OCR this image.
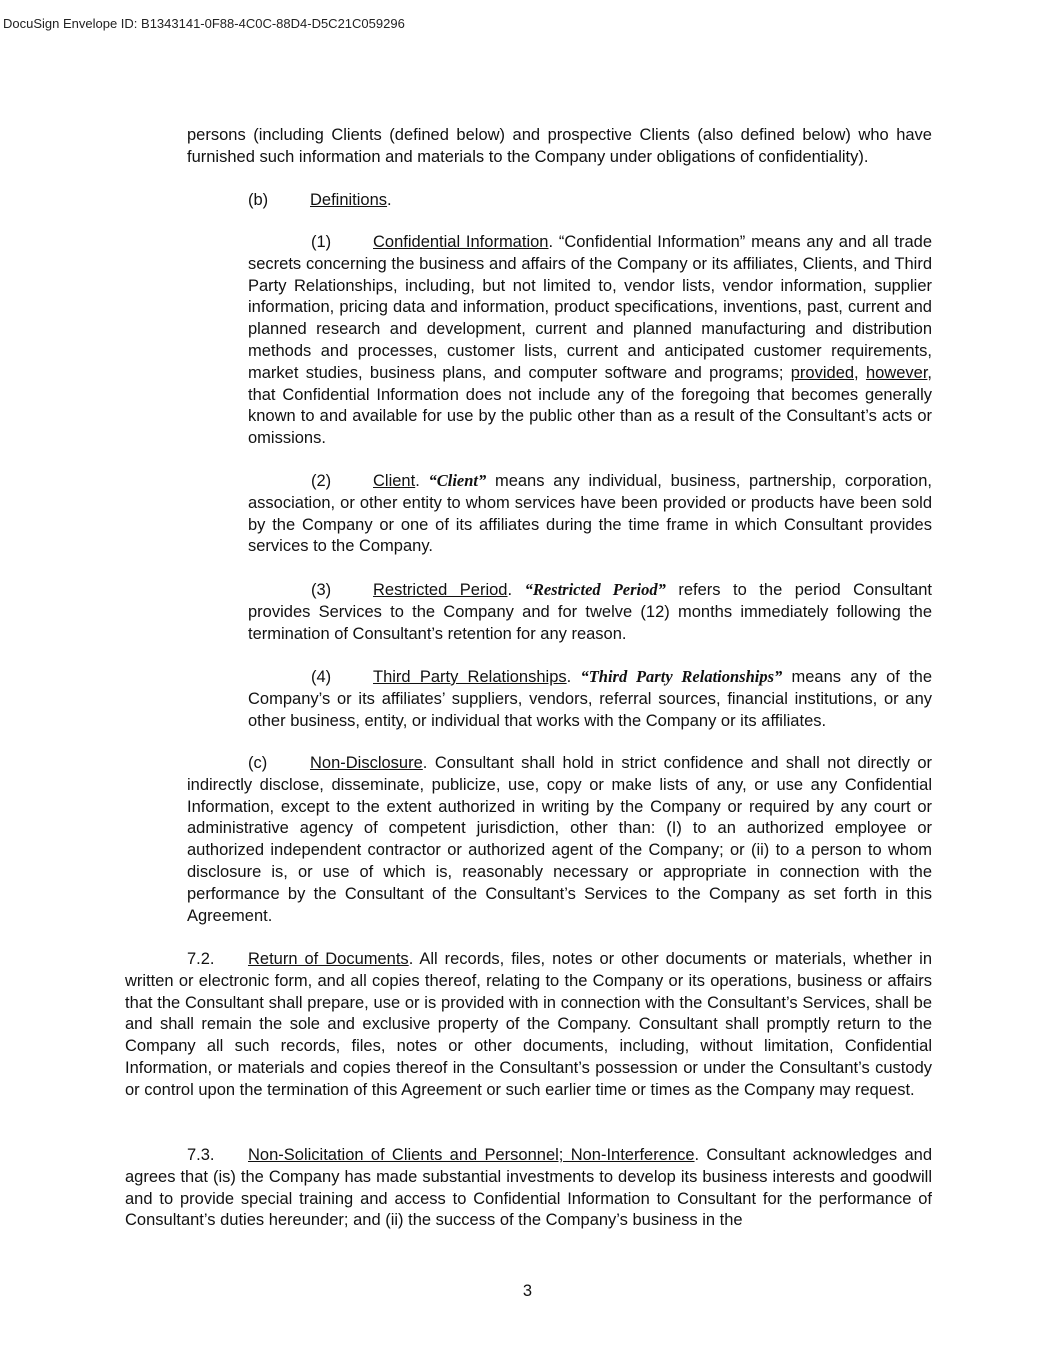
DocuSign Envelope ID: B1343141-0F88-4C0C-88D4-D5C21C059296

persons (including Clients (defined below) and prospective Clients (also defined below) who have furnished such information and materials to the Company under obligations of confidentiality).

(b)	Definitions.

(1)	Confidential Information. “Confidential Information” means any and all trade secrets concerning the business and affairs of the Company or its affiliates, Clients, and Third Party Relationships, including, but not limited to, vendor lists, vendor information, supplier information, pricing data and information, product specifications, inventions, past, current and planned research and development, current and planned manufacturing and distribution methods and processes, customer lists, current and anticipated customer requirements, market studies, business plans, and computer software and programs; provided, however, that Confidential Information does not include any of the foregoing that becomes generally known to and available for use by the public other than as a result of the Consultant’s acts or omissions.

(2)	Client. “Client” means any individual, business, partnership, corporation, association, or other entity to whom services have been provided or products have been sold by the Company or one of its affiliates during the time frame in which Consultant provides services to the Company.

(3)	Restricted Period. “Restricted Period” refers to the period Consultant provides Services to the Company and for twelve (12) months immediately following the termination of Consultant’s retention for any reason.

(4)	Third Party Relationships. “Third Party Relationships” means any of the Company’s or its affiliates’ suppliers, vendors, referral sources, financial institutions, or any other business, entity, or individual that works with the Company or its affiliates.

(c)	Non-Disclosure. Consultant shall hold in strict confidence and shall not directly or indirectly disclose, disseminate, publicize, use, copy or make lists of any, or use any Confidential Information, except to the extent authorized in writing by the Company or required by any court or administrative agency of competent jurisdiction, other than: (I) to an authorized employee or authorized independent contractor or authorized agent of the Company; or (ii) to a person to whom disclosure is, or use of which is, reasonably necessary or appropriate in connection with the performance by the Consultant of the Consultant’s Services to the Company as set forth in this Agreement.

7.2. Return of Documents. All records, files, notes or other documents or materials, whether in written or electronic form, and all copies thereof, relating to the Company or its operations, business or affairs that the Consultant shall prepare, use or is provided with in connection with the Consultant’s Services, shall be and shall remain the sole and exclusive property of the Company. Consultant shall promptly return to the Company all such records, files, notes or other documents, including, without limitation, Confidential Information, or materials and copies thereof in the Consultant’s possession or under the Consultant’s custody or control upon the termination of this Agreement or such earlier time or times as the Company may request.

7.3. Non-Solicitation of Clients and Personnel; Non-Interference. Consultant acknowledges and agrees that (is) the Company has made substantial investments to develop its business interests and goodwill and to provide special training and access to Confidential Information to Consultant for the performance of Consultant’s duties hereunder; and (ii) the success of the Company’s business in the

3
